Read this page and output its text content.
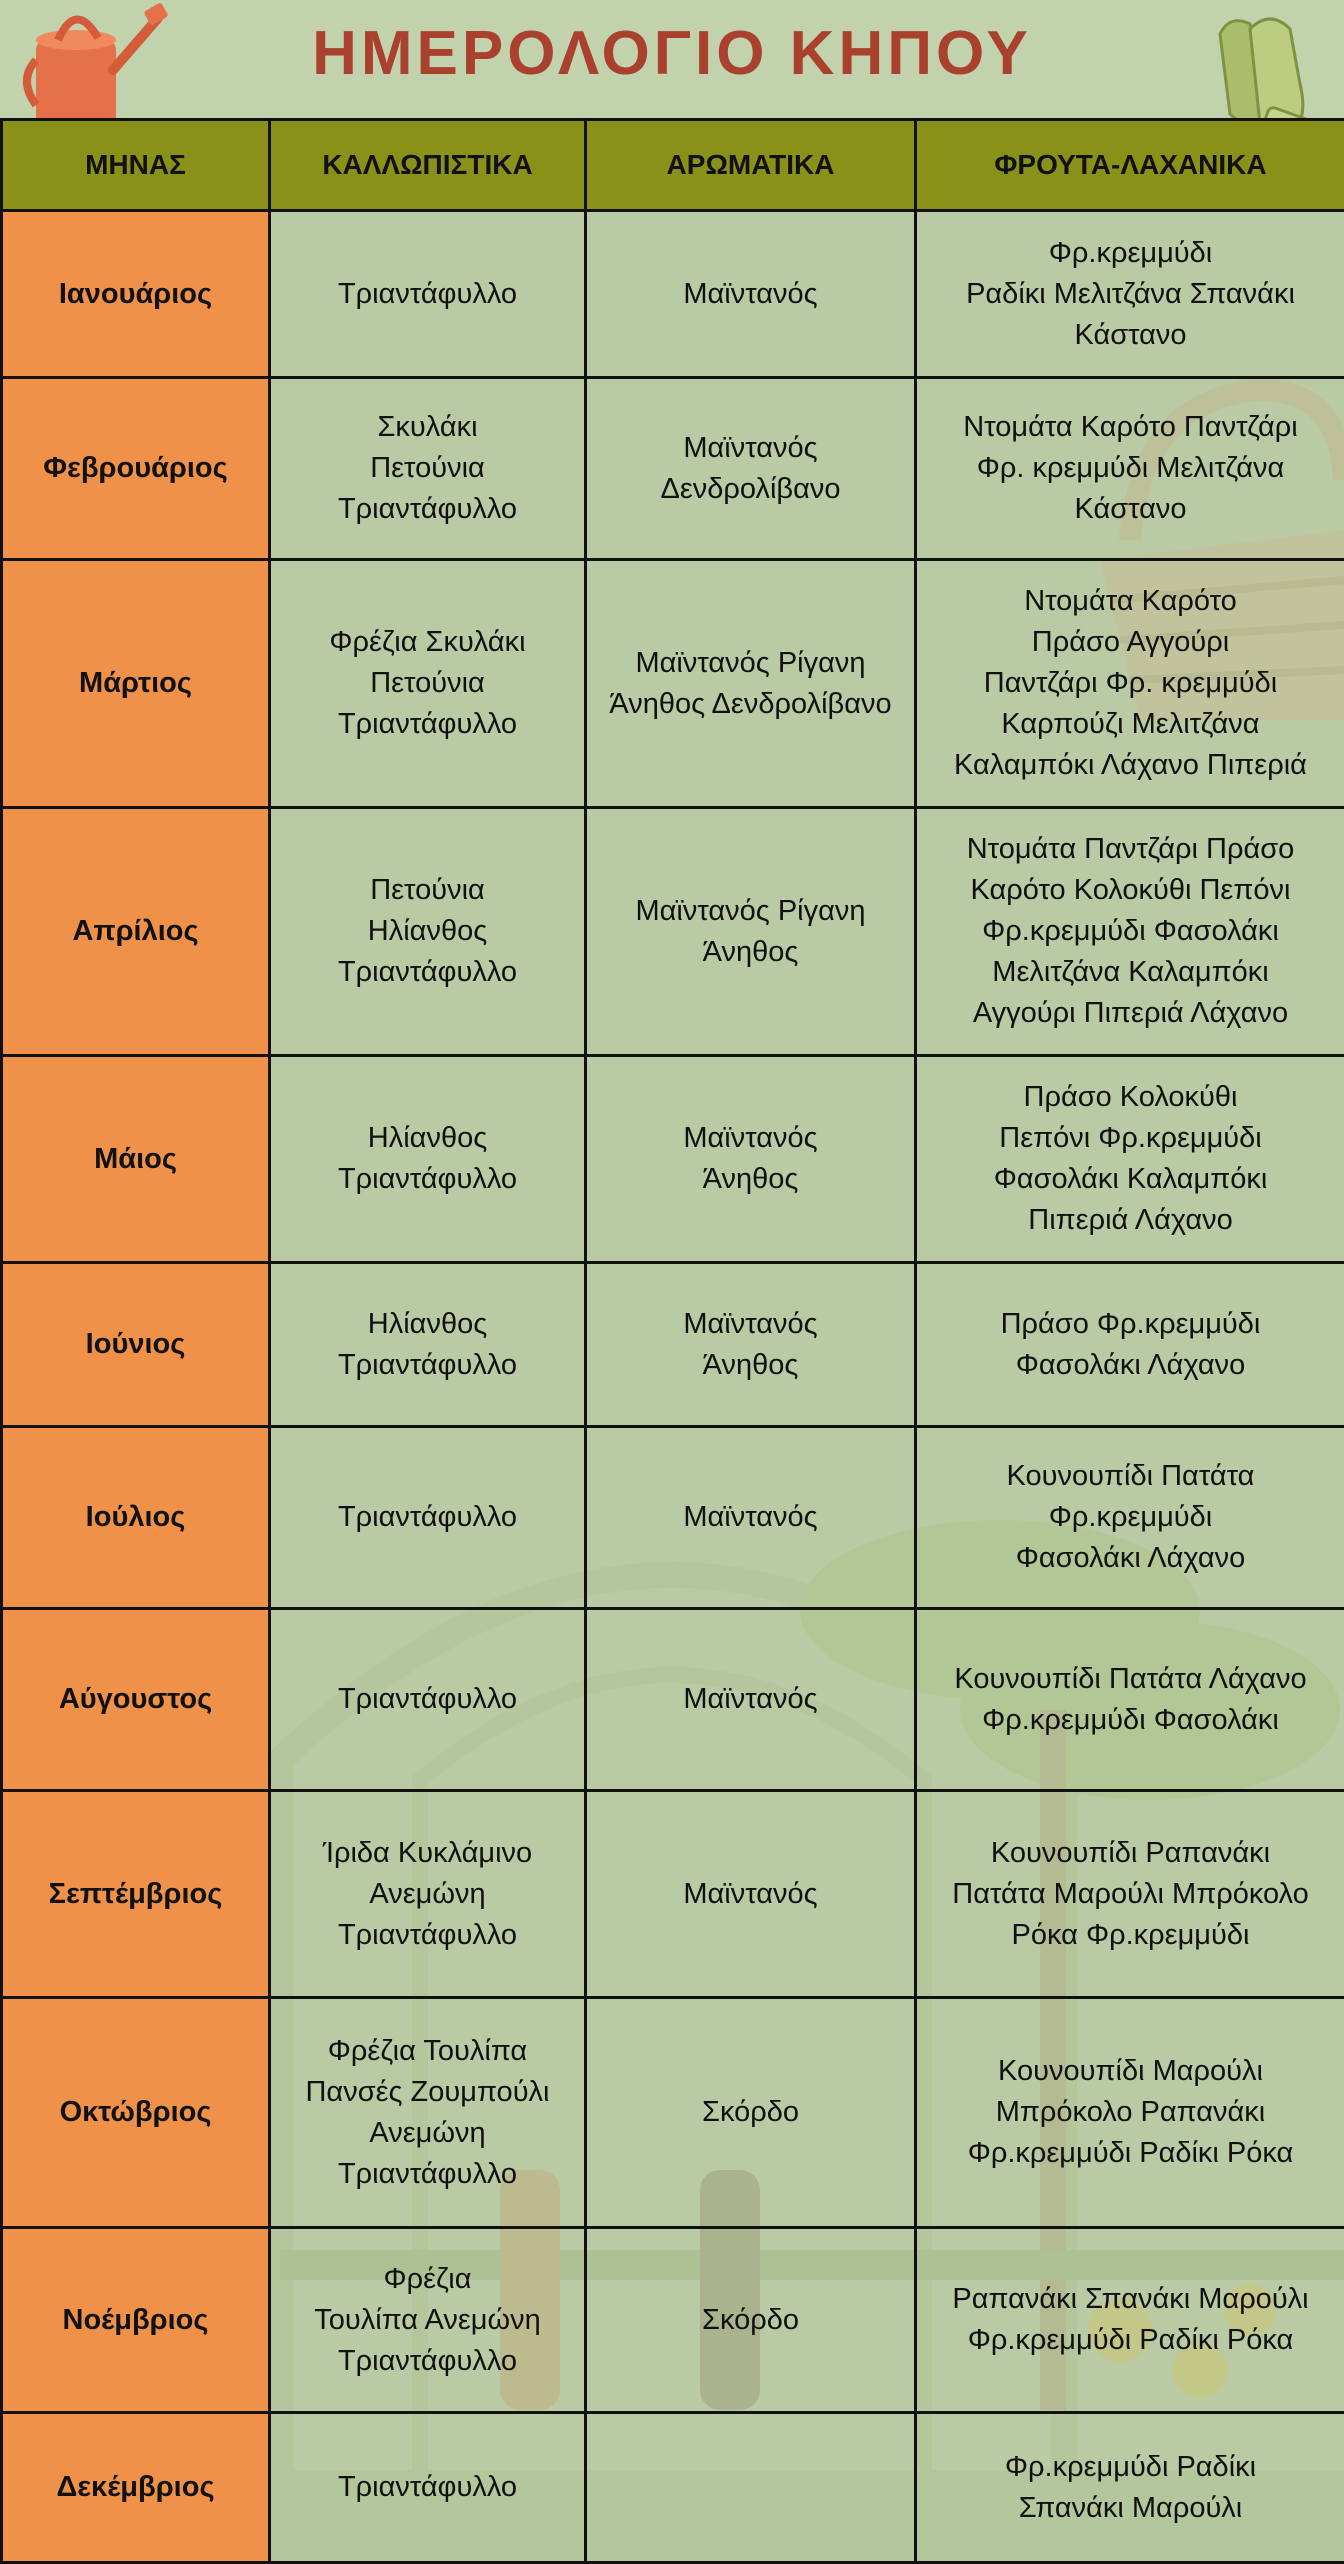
ΗΜΕΡΟΛΟΓΙΟ ΚΗΠΟΥ
ΜΗΝΑΣ	ΚΑΛΛΩΠΙΣΤΙΚΑ	ΑΡΩΜΑΤΙΚΑ	ΦΡΟΥΤΑ-ΛΑΧΑΝΙΚΑ
Ιανουάριος	Τριαντάφυλλο	Μαϊντανός	Φρ.κρεμμύδι
Ραδίκι Μελιτζάνα Σπανάκι
Κάστανο

Φεβρουάριος	Σκυλάκι
Πετούνια
Τριαντάφυλλο	Μαϊντανός
Δενδρολίβανο	Ντομάτα Καρότο Παντζάρι
Φρ. κρεμμύδι Μελιτζάνα
Κάστανο

Μάρτιος	Φρέζια Σκυλάκι
Πετούνια
Τριαντάφυλλο	Μαϊντανός Ρίγανη
Άνηθος Δενδρολίβανο	Ντομάτα Καρότο
Πράσο Αγγούρι
Παντζάρι Φρ. κρεμμύδι
Καρπούζι Μελιτζάνα
Καλαμπόκι Λάχανο Πιπεριά

Απρίλιος	Πετούνια
Ηλίανθος
Τριαντάφυλλο	Μαϊντανός Ρίγανη
Άνηθος	Ντομάτα Παντζάρι Πράσο
Καρότο Κολοκύθι Πεπόνι
Φρ.κρεμμύδι Φασολάκι
Μελιτζάνα Καλαμπόκι
Αγγούρι Πιπεριά Λάχανο

Μάιος	Ηλίανθος
Τριαντάφυλλο	Μαϊντανός
Άνηθος	Πράσο Κολοκύθι
Πεπόνι Φρ.κρεμμύδι
Φασολάκι Καλαμπόκι
Πιπεριά Λάχανο

Ιούνιος	Ηλίανθος
Τριαντάφυλλο	Μαϊντανός
Άνηθος	Πράσο Φρ.κρεμμύδι
Φασολάκι Λάχανο

Ιούλιος	Τριαντάφυλλο	Μαϊντανός	Κουνουπίδι Πατάτα
Φρ.κρεμμύδι
Φασολάκι Λάχανο

Αύγουστος	Τριαντάφυλλο	Μαϊντανός	Κουνουπίδι Πατάτα Λάχανο
Φρ.κρεμμύδι Φασολάκι

Σεπτέμβριος	Ίριδα Κυκλάμινο
Ανεμώνη
Τριαντάφυλλο	Μαϊντανός	Κουνουπίδι Ραπανάκι
Πατάτα Μαρούλι Μπρόκολο
Ρόκα Φρ.κρεμμύδι

Οκτώβριος	Φρέζια Τουλίπα
Πανσές Ζουμπούλι
Ανεμώνη
Τριαντάφυλλο	Σκόρδο	Κουνουπίδι Μαρούλι
Μπρόκολο Ραπανάκι
Φρ.κρεμμύδι Ραδίκι Ρόκα

Νοέμβριος	Φρέζια
Τουλίπα Ανεμώνη
Τριαντάφυλλο	Σκόρδο	Ραπανάκι Σπανάκι Μαρούλι
Φρ.κρεμμύδι Ραδίκι Ρόκα

Δεκέμβριος	Τριαντάφυλλο		Φρ.κρεμμύδι Ραδίκι
Σπανάκι Μαρούλι
